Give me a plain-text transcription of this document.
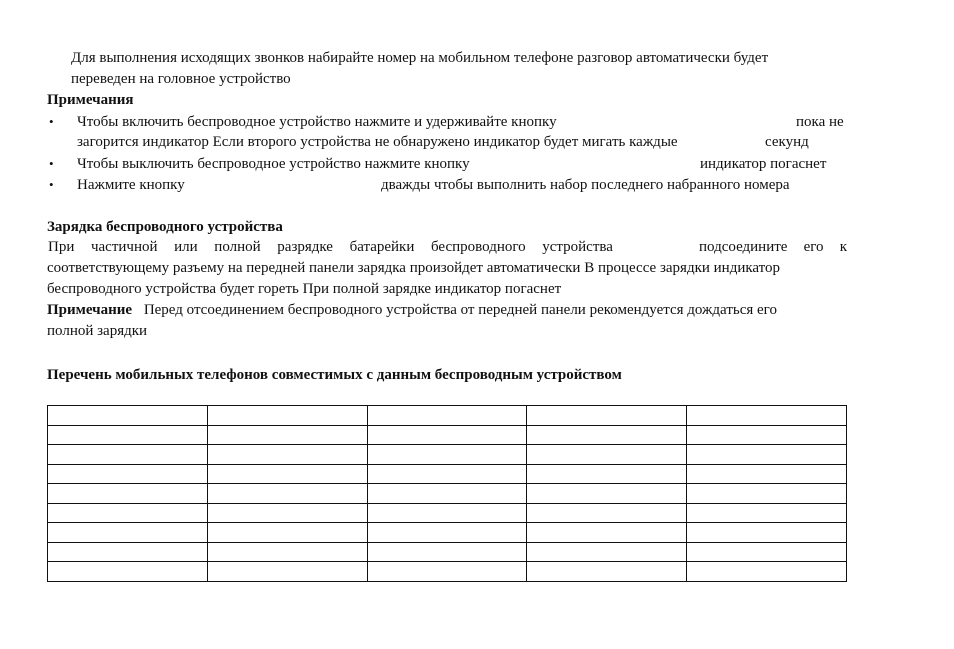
Для выполнения исходящих звонков набирайте номер на мобильном телефоне разговор автоматически будет
переведен на головное устройство
Примечания
•	Чтобы включить беспроводное устройство нажмите и удерживайте кнопку	пока не
загорится индикатор Если второго устройства не обнаружено индикатор будет мигать каждые	секунд
•	Чтобы выключить беспроводное устройство нажмите кнопку	индикатор погаснет
•	Нажмите кнопку	дважды чтобы выполнить набор последнего набранного номера
Зарядка беспроводного устройства
При частичной или полной разрядке батарейки беспроводного устройства	подсоедините его к
соответствующему разъему на передней панели зарядка произойдет автоматически В процессе зарядки индикатор
беспроводного устройства будет гореть При полной зарядке индикатор погаснет
Примечание Перед отсоединением беспроводного устройства от передней панели рекомендуется дождаться его
полной зарядки
Перечень мобильных телефонов совместимых с данным беспроводным устройством
